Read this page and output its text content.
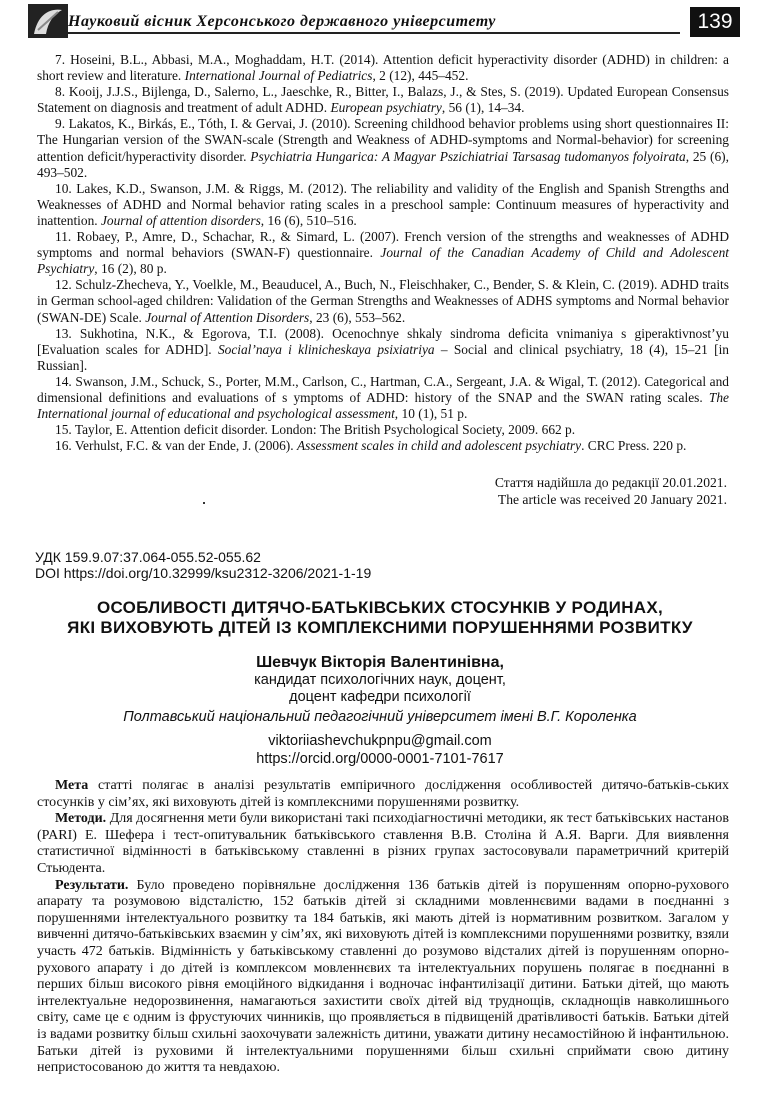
Науковий вісник Херсонського державного університету	139

7. Hoseini, B.L., Abbasi, M.A., Moghaddam, H.T. (2014). Attention deficit hyperactivity disorder (ADHD) in children: a short review and literature. International Journal of Pediatrics, 2 (12), 445–452.

8. Kooij, J.J.S., Bijlenga, D., Salerno, L., Jaeschke, R., Bitter, I., Balazs, J., & Stes, S. (2019). Updated European Consensus Statement on diagnosis and treatment of adult ADHD. European psychiatry, 56 (1), 14–34.

9. Lakatos, K., Birkás, E., Tóth, I. & Gervai, J. (2010). Screening childhood behavior problems using short questionnaires II: The Hungarian version of the SWAN-scale (Strength and Weakness of ADHD-symptoms and Normal-behavior) for screening attention deficit/hyperactivity disorder. Psychiatria Hungarica: A Magyar Pszichiatriai Tarsasag tudomanyos folyoirata, 25 (6), 493–502.

10. Lakes, K.D., Swanson, J.M. & Riggs, M. (2012). The reliability and validity of the English and Spanish Strengths and Weaknesses of ADHD and Normal behavior rating scales in a preschool sample: Continuum measures of hyperactivity and inattention. Journal of attention disorders, 16 (6), 510–516.

11. Robaey, P., Amre, D., Schachar, R., & Simard, L. (2007). French version of the strengths and weaknesses of ADHD symptoms and normal behaviors (SWAN-F) questionnaire. Journal of the Canadian Academy of Child and Adolescent Psychiatry, 16 (2), 80 p.

12. Schulz-Zhecheva, Y., Voelkle, M., Beauducel, A., Buch, N., Fleischhaker, C., Bender, S. & Klein, C. (2019). ADHD traits in German school-aged children: Validation of the German Strengths and Weaknesses of ADHS symptoms and Normal behavior (SWAN-DE) Scale. Journal of Attention Disorders, 23 (6), 553–562.

13. Sukhotina, N.K., & Egorova, T.I. (2008). Ocenochnye shkaly sindroma deficita vnimaniya s giperaktivnost’yu [Evaluation scales for ADHD]. Social’naya i klinicheskaya psixiatriya – Social and clinical psychiatry, 18 (4), 15–21 [in Russian].

14. Swanson, J.M., Schuck, S., Porter, M.M., Carlson, C., Hartman, C.A., Sergeant, J.A. & Wigal, T. (2012). Categorical and dimensional definitions and evaluations of s ymptoms of ADHD: history of the SNAP and the SWAN rating scales. The International journal of educational and psychological assessment, 10 (1), 51 p.

15. Taylor, E. Attention deficit disorder. London: The British Psychological Society, 2009. 662 p.

16. Verhulst, F.C. & van der Ende, J. (2006). Assessment scales in child and adolescent psychiatry. CRC Press. 220 p.

Стаття надійшла до редакції 20.01.2021.
The article was received 20 January 2021.
УДК 159.9.07:37.064-055.52-055.62
DOI https://doi.org/10.32999/ksu2312-3206/2021-1-19
ОСОБЛИВОСТІ ДИТЯЧО-БАТЬКІВСЬКИХ СТОСУНКІВ У РОДИНАХ,
ЯКІ ВИХОВУЮТЬ ДІТЕЙ ІЗ КОМПЛЕКСНИМИ ПОРУШЕННЯМИ РОЗВИТКУ
Шевчук Вікторія Валентинівна,
кандидат психологічних наук, доцент,
доцент кафедри психології
Полтавський національний педагогічний університет імені В.Г. Короленка
viktoriiashevchukpnpu@gmail.com
https://orcid.org/0000-0001-7101-7617

Мета статті полягає в аналізі результатів емпіричного дослідження особливостей дитячо-батьків-ських стосунків у сім’ях, які виховують дітей із комплексними порушеннями розвитку.

Методи. Для досягнення мети були використані такі психодіагностичні методики, як тест батьківських настанов (PARI) Е. Шефера і тест-опитувальник батьківського ставлення В.В. Століна й А.Я. Варги. Для виявлення статистичної відмінності в батьківському ставленні в різних групах застосовували параметричний критерій Стьюдента.

Результати. Було проведено порівняльне дослідження 136 батьків дітей із порушенням опорно-рухового апарату та розумовою відсталістю, 152 батьків дітей зі складними мовленнєвими вадами в поєднанні з порушеннями інтелектуального розвитку та 184 батьків, які мають дітей із нормативним розвитком. Загалом у вивченні дитячо-батьківських взаємин у сім’ях, які виховують дітей із комплексними порушеннями розвитку, взяли участь 472 батьків. Відмінність у батьківському ставленні до розумово відсталих дітей із порушенням опорно-рухового апарату і до дітей із комплексом мовленнєвих та інтелектуальних порушень полягає в поєднанні в перших більш високого рівня емоційного відкидання і водночас інфантилізації дитини. Батьки дітей, що мають інтелектуальне недорозвинення, намагаються захистити своїх дітей від труднощів, складнощів навколишнього світу, саме це є одним із фрустуючих чинників, що проявляється в підвищеній дратівливості батьків. Батьки дітей із вадами розвитку більш схильні заохочувати залежність дитини, уважати дитину несамостійною й інфантильною. Батьки дітей із руховими й інтелектуальними порушеннями більш схильні сприймати свою дитину непристосованою до життя та невдахою.
